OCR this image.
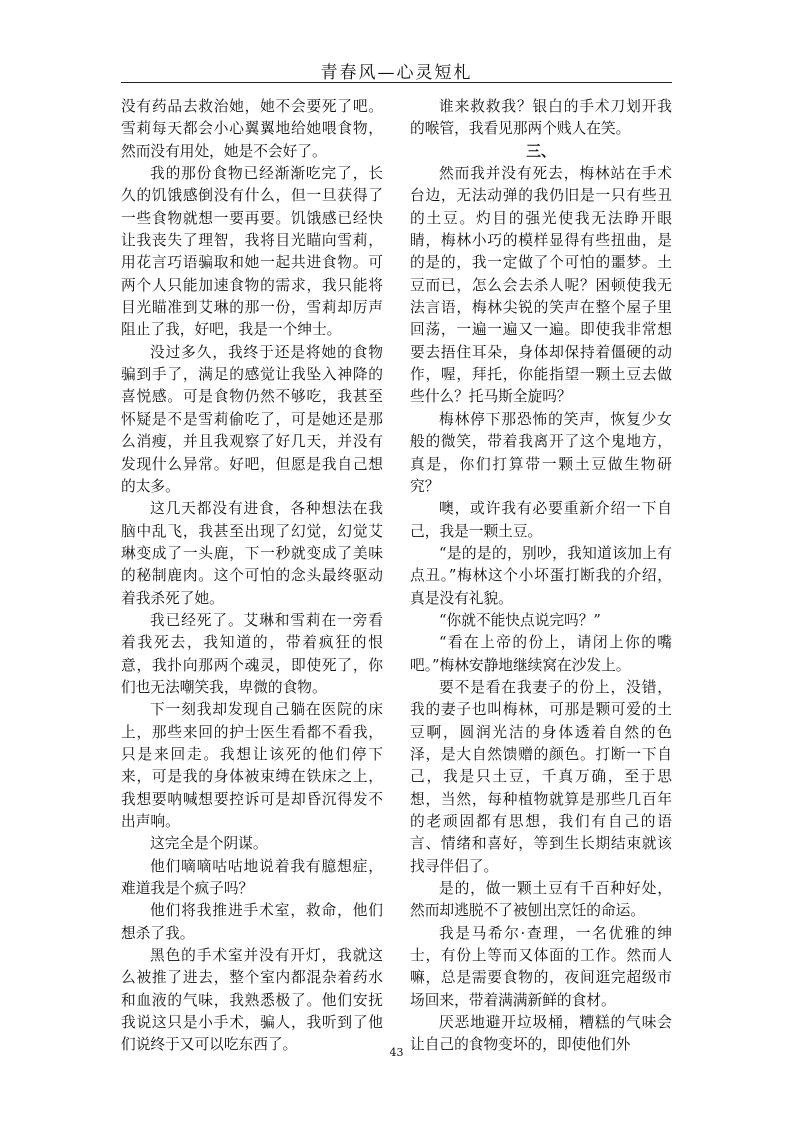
青春风—心灵短札

没有药品去救治她，她不会要死了吧。雪莉每天都会小心翼翼地给她喂食物，然而没有用处，她是不会好了。

我的那份食物已经渐渐吃完了，长久的饥饿感倒没有什么，但一旦获得了一些食物就想一要再要。饥饿感已经快让我丧失了理智，我将目光瞄向雪莉，用花言巧语骗取和她一起共进食物。可两个人只能加速食物的需求，我只能将目光瞄准到艾琳的那一份，雪莉却厉声阻止了我，好吧，我是一个绅士。

没过多久，我终于还是将她的食物骗到手了，满足的感觉让我坠入神降的喜悦感。可是食物仍然不够吃，我甚至怀疑是不是雪莉偷吃了，可是她还是那么消瘦，并且我观察了好几天，并没有发现什么异常。好吧，但愿是我自己想的太多。

这几天都没有进食，各种想法在我脑中乱飞，我甚至出现了幻觉，幻觉艾琳变成了一头鹿，下一秒就变成了美味的秘制鹿肉。这个可怕的念头最终驱动着我杀死了她。

我已经死了。艾琳和雪莉在一旁看着我死去，我知道的，带着疯狂的恨意，我扑向那两个魂灵，即使死了，你们也无法嘲笑我，卑微的食物。

下一刻我却发现自己躺在医院的床上，那些来回的护士医生看都不看我，只是来回走。我想让该死的他们停下来，可是我的身体被束缚在铁床之上，我想要呐喊想要控诉可是却昏沉得发不出声响。

这完全是个阴谋。

他们嘀嘀咕咕地说着我有臆想症，难道我是个疯子吗？

他们将我推进手术室，救命，他们想杀了我。

黑色的手术室并没有开灯，我就这么被推了进去，整个室内都混杂着药水和血液的气味，我熟悉极了。他们安抚我说这只是小手术，骗人，我听到了他们说终于又可以吃东西了。

谁来救救我？银白的手术刀划开我的喉管，我看见那两个贱人在笑。

三、

然而我并没有死去，梅林站在手术台边，无法动弹的我仍旧是一只有些丑的土豆。灼目的强光使我无法睁开眼睛，梅林小巧的模样显得有些扭曲，是的是的，我一定做了个可怕的噩梦。土豆而已，怎么会去杀人呢？困顿使我无法言语，梅林尖锐的笑声在整个屋子里回荡，一遍一遍又一遍。即使我非常想要去捂住耳朵，身体却保持着僵硬的动作，喔，拜托，你能指望一颗土豆去做些什么？托马斯全旋吗？

梅林停下那恐怖的笑声，恢复少女般的微笑，带着我离开了这个鬼地方，真是，你们打算带一颗土豆做生物研究？

噢，或许我有必要重新介绍一下自己，我是一颗土豆。

“是的是的，别吵，我知道该加上有点丑。”梅林这个小坏蛋打断我的介绍，真是没有礼貌。

“你就不能快点说完吗？”

“看在上帝的份上，请闭上你的嘴吧。”梅林安静地继续窝在沙发上。

要不是看在我妻子的份上，没错，我的妻子也叫梅林，可那是颗可爱的土豆啊，圆润光洁的身体透着自然的色泽，是大自然馈赠的颜色。打断一下自己，我是只土豆，千真万确，至于思想，当然，每种植物就算是那些几百年的老顽固都有思想，我们有自己的语言、情绪和喜好，等到生长期结束就该找寻伴侣了。

是的，做一颗土豆有千百种好处，然而却逃脱不了被刨出烹饪的命运。

我是马希尔·查理，一名优雅的绅士，有份上等而又体面的工作。然而人嘛，总是需要食物的，夜间逛完超级市场回来，带着满满新鲜的食材。

厌恶地避开垃圾桶，糟糕的气味会让自己的食物变坏的，即使他们外

43
